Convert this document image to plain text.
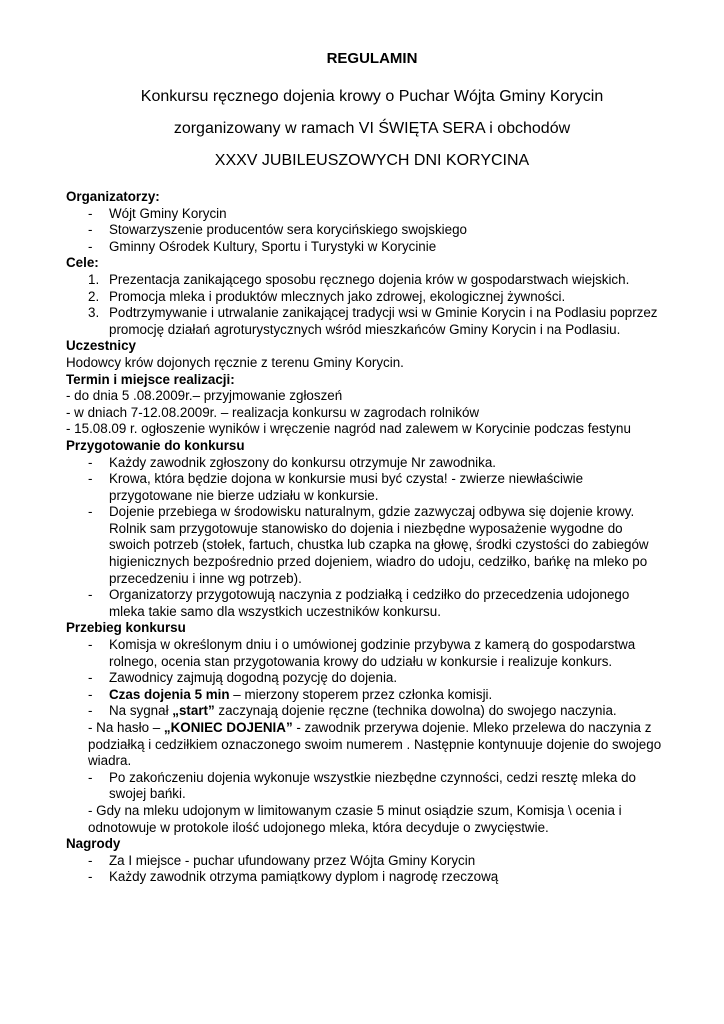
REGULAMIN
Konkursu ręcznego dojenia krowy o Puchar Wójta Gminy Korycin
zorganizowany w ramach VI ŚWIĘTA SERA i obchodów
XXXV JUBILEUSZOWYCH DNI KORYCINA
Organizatorzy:
- Wójt Gminy Korycin
- Stowarzyszenie producentów sera korycińskiego swojskiego
- Gminny Ośrodek Kultury, Sportu i Turystyki w Korycinie
Cele:
1. Prezentacja zanikającego sposobu ręcznego dojenia krów w gospodarstwach wiejskich.
2. Promocja mleka i produktów mlecznych jako zdrowej, ekologicznej żywności.
3. Podtrzymywanie i utrwalanie zanikającej tradycji wsi w Gminie Korycin i na Podlasiu poprzez promocję działań agroturystycznych wśród mieszkańców Gminy Korycin i na Podlasiu.
Uczestnicy
Hodowcy krów dojonych ręcznie z terenu Gminy Korycin.
Termin i miejsce realizacji:
- do dnia 5 .08.2009r.– przyjmowanie zgłoszeń
- w dniach 7-12.08.2009r. – realizacja konkursu w zagrodach rolników
- 15.08.09 r. ogłoszenie wyników i wręczenie nagród nad zalewem w Korycinie podczas festynu
Przygotowanie do konkursu
- Każdy zawodnik zgłoszony do konkursu otrzymuje Nr zawodnika.
- Krowa, która będzie dojona w konkursie musi być czysta! - zwierze niewłaściwie przygotowane nie bierze udziału w konkursie.
- Dojenie przebiega w środowisku naturalnym, gdzie zazwyczaj odbywa się dojenie krowy. Rolnik sam przygotowuje stanowisko do dojenia i niezbędne wyposażenie wygodne do swoich potrzeb (stołek, fartuch, chustka lub czapka na głowę, środki czystości do zabiegów higienicznych bezpośrednio przed dojeniem, wiadro do udoju, cedziłko, bańkę na mleko po przecedzeniu i inne wg potrzeb).
- Organizatorzy przygotowują naczynia z podziałką i cedziłko do przecedzenia udojonego mleka takie samo dla wszystkich uczestników konkursu.
Przebieg konkursu
- Komisja w określonym dniu i o umówionej godzinie przybywa z kamerą do gospodarstwa rolnego, ocenia stan przygotowania krowy do udziału w konkursie i realizuje konkurs.
- Zawodnicy zajmują dogodną pozycję do dojenia.
- Czas dojenia 5 min – mierzony stoperem przez członka komisji.
- Na sygnał „start” zaczynają dojenie ręczne (technika dowolna) do swojego naczynia.
- Na hasło – „KONIEC DOJENIA” - zawodnik przerywa dojenie. Mleko przelewa do naczynia z podziałką i cedziłkiem oznaczonego swoim numerem . Następnie kontynuuje dojenie do swojego wiadra.
- Po zakończeniu dojenia wykonuje wszystkie niezbędne czynności, cedzi resztę mleka do swojej bańki.
- Gdy na mleku udojonym w limitowanym czasie 5 minut osiądzie szum, Komisja \ ocenia i odnotowuje w protokole ilość udojonego mleka, która decyduje o zwycięstwie.
Nagrody
- Za I miejsce - puchar ufundowany przez Wójta Gminy Korycin
- Każdy zawodnik otrzyma pamiątkowy dyplom i nagrodę rzeczową
